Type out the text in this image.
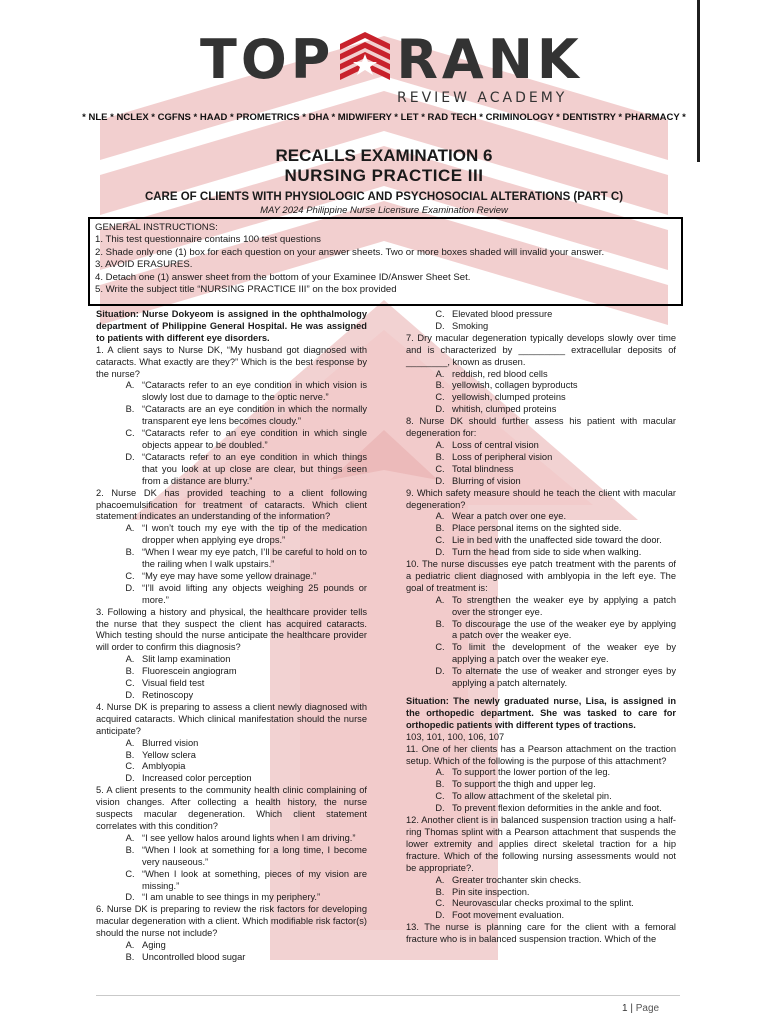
TOP RANK
REVIEW ACADEMY
* NLE * NCLEX * CGFNS * HAAD * PROMETRICS * DHA * MIDWIFERY * LET * RAD TECH * CRIMINOLOGY * DENTISTRY * PHARMACY *
RECALLS EXAMINATION 6
NURSING PRACTICE III
CARE OF CLIENTS WITH PHYSIOLOGIC AND PSYCHOSOCIAL ALTERATIONS (PART C)
MAY 2024 Philippine Nurse Licensure Examination Review
GENERAL INSTRUCTIONS:
1. This test questionnaire contains 100 test questions
2. Shade only one (1) box for each question on your answer sheets. Two or more boxes shaded will invalid your answer.
3. AVOID ERASURES.
4. Detach one (1) answer sheet from the bottom of your Examinee ID/Answer Sheet Set.
5. Write the subject title “NURSING PRACTICE III” on the box provided
Situation: Nurse Dokyeom is assigned in the ophthalmology department of Philippine General Hospital. He was assigned to patients with different eye disorders.
1. A client says to Nurse DK, “My husband got diagnosed with cataracts. What exactly are they?” Which is the best response by the nurse?
A. “Cataracts refer to an eye condition in which vision is slowly lost due to damage to the optic nerve.”
B. “Cataracts are an eye condition in which the normally transparent eye lens becomes cloudy.”
C. “Cataracts refer to an eye condition in which single objects appear to be doubled.”
D. “Cataracts refer to an eye condition in which things that you look at up close are clear, but things seen from a distance are blurry.”
2. Nurse DK has provided teaching to a client following phacoemulsification for treatment of cataracts. Which client statement indicates an understanding of the information?
A. “I won’t touch my eye with the tip of the medication dropper when applying eye drops.”
B. “When I wear my eye patch, I’ll be careful to hold on to the railing when I walk upstairs.”
C. “My eye may have some yellow drainage.”
D. “I’ll avoid lifting any objects weighing 25 pounds or more.”
3. Following a history and physical, the healthcare provider tells the nurse that they suspect the client has acquired cataracts. Which testing should the nurse anticipate the healthcare provider will order to confirm this diagnosis?
A. Slit lamp examination
B. Fluorescein angiogram
C. Visual field test
D. Retinoscopy
4. Nurse DK is preparing to assess a client newly diagnosed with acquired cataracts. Which clinical manifestation should the nurse anticipate?
A. Blurred vision
B. Yellow sclera
C. Amblyopia
D. Increased color perception
5. A client presents to the community health clinic complaining of vision changes. After collecting a health history, the nurse suspects macular degeneration. Which client statement correlates with this condition?
A. “I see yellow halos around lights when I am driving.”
B. “When I look at something for a long time, I become very nauseous.”
C. “When I look at something, pieces of my vision are missing.”
D. “I am unable to see things in my periphery.”
6. Nurse DK is preparing to review the risk factors for developing macular degeneration with a client. Which modifiable risk factor(s) should the nurse not include?
A. Aging
B. Uncontrolled blood sugar
C. Elevated blood pressure
D. Smoking
7. Dry macular degeneration typically develops slowly over time and is characterized by _________ extracellular deposits of ________, known as drusen.
A. reddish, red blood cells
B. yellowish, collagen byproducts
C. yellowish, clumped proteins
D. whitish, clumped proteins
8. Nurse DK should further assess his patient with macular degeneration for:
A. Loss of central vision
B. Loss of peripheral vision
C. Total blindness
D. Blurring of vision
9. Which safety measure should he teach the client with macular degeneration?
A. Wear a patch over one eye.
B. Place personal items on the sighted side.
C. Lie in bed with the unaffected side toward the door.
D. Turn the head from side to side when walking.
10. The nurse discusses eye patch treatment with the parents of a pediatric client diagnosed with amblyopia in the left eye. The goal of treatment is:
A. To strengthen the weaker eye by applying a patch over the stronger eye.
B. To discourage the use of the weaker eye by applying a patch over the weaker eye.
C. To limit the development of the weaker eye by applying a patch over the weaker eye.
D. To alternate the use of weaker and stronger eyes by applying a patch alternately.
Situation: The newly graduated nurse, Lisa, is assigned in the orthopedic department. She was tasked to care for orthopedic patients with different types of tractions.
103, 101, 100, 106, 107
11. One of her clients has a Pearson attachment on the traction setup. Which of the following is the purpose of this attachment?
A. To support the lower portion of the leg.
B. To support the thigh and upper leg.
C. To allow attachment of the skeletal pin.
D. To prevent flexion deformities in the ankle and foot.
12. Another client is in balanced suspension traction using a half-ring Thomas splint with a Pearson attachment that suspends the lower extremity and applies direct skeletal traction for a hip fracture. Which of the following nursing assessments would not be appropriate?.
A. Greater trochanter skin checks.
B. Pin site inspection.
C. Neurovascular checks proximal to the splint.
D. Foot movement evaluation.
13. The nurse is planning care for the client with a femoral fracture who is in balanced suspension traction. Which of the
1 | Page
